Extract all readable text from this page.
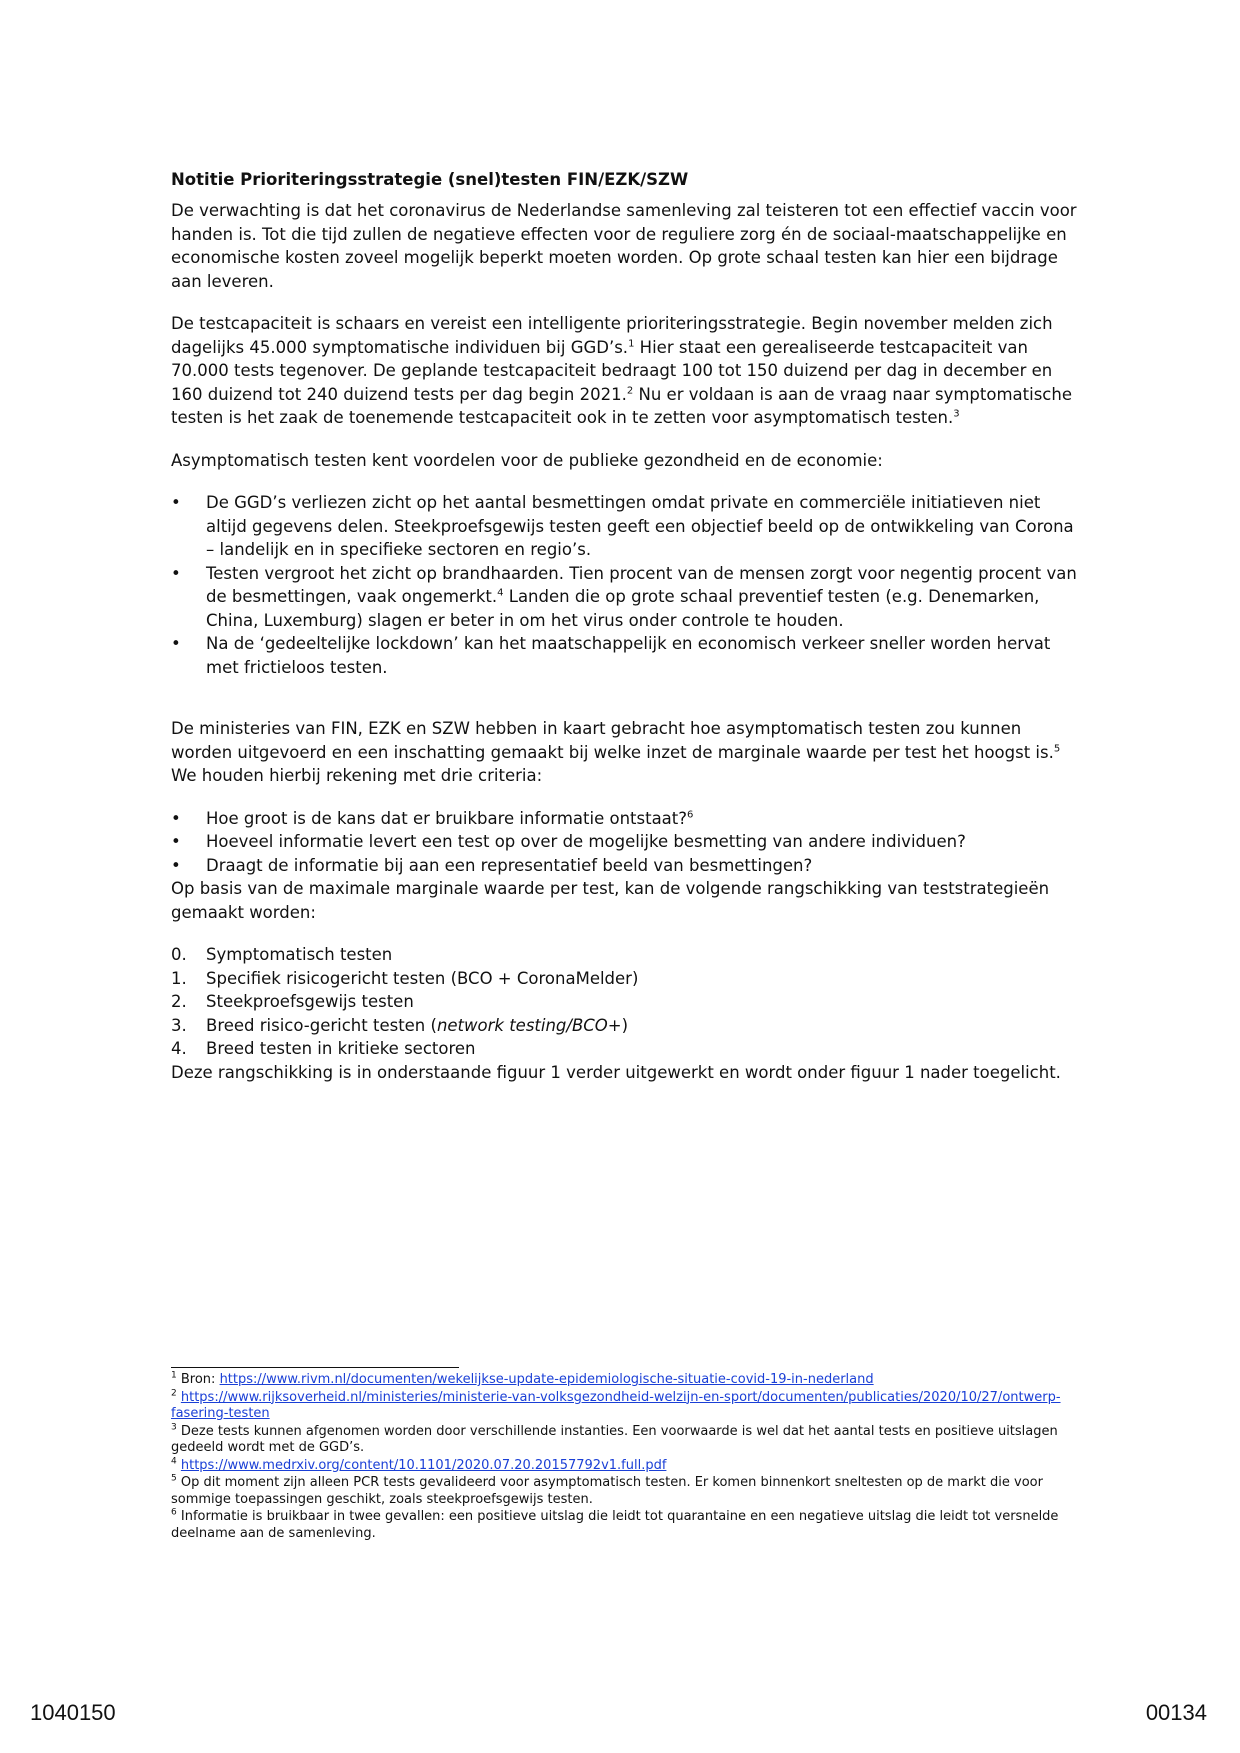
Notitie Prioriteringsstrategie (snel)testen FIN/EZK/SZW

De verwachting is dat het coronavirus de Nederlandse samenleving zal teisteren tot een effectief vaccin voor handen is. Tot die tijd zullen de negatieve effecten voor de reguliere zorg én de sociaal-maatschappelijke en economische kosten zoveel mogelijk beperkt moeten worden. Op grote schaal testen kan hier een bijdrage aan leveren.

De testcapaciteit is schaars en vereist een intelligente prioriteringsstrategie. Begin november melden zich dagelijks 45.000 symptomatische individuen bij GGD’s.$^1$ Hier staat een gerealiseerde testcapaciteit van 70.000 tests tegenover. De geplande testcapaciteit bedraagt 100 tot 150 duizend per dag in december en 160 duizend tot 240 duizend tests per dag begin 2021.$^2$ Nu er voldaan is aan de vraag naar symptomatische testen is het zaak de toenemende testcapaciteit ook in te zetten voor asymptomatisch testen.$^3$

Asymptomatisch testen kent voordelen voor de publieke gezondheid en de economie:

•	De GGD’s verliezen zicht op het aantal besmettingen omdat private en commerciële initiatieven niet altijd gegevens delen. Steekproefsgewijs testen geeft een objectief beeld op de ontwikkeling van Corona – landelijk en in specifieke sectoren en regio’s.
•	Testen vergroot het zicht op brandhaarden. Tien procent van de mensen zorgt voor negentig procent van de besmettingen, vaak ongemerkt.$^4$ Landen die op grote schaal preventief testen (e.g. Denemarken, China, Luxemburg) slagen er beter in om het virus onder controle te houden.
•	Na de ‘gedeeltelijke lockdown’ kan het maatschappelijk en economisch verkeer sneller worden hervat met frictieloos testen.

De ministeries van FIN, EZK en SZW hebben in kaart gebracht hoe asymptomatisch testen zou kunnen worden uitgevoerd en een inschatting gemaakt bij welke inzet de marginale waarde per test het hoogst is.$^5$ We houden hierbij rekening met drie criteria:

•	Hoe groot is de kans dat er bruikbare informatie ontstaat?$^6$
•	Hoeveel informatie levert een test op over de mogelijke besmetting van andere individuen?
•	Draagt de informatie bij aan een representatief beeld van besmettingen?

Op basis van de maximale marginale waarde per test, kan de volgende rangschikking van teststrategieën gemaakt worden:

0.	Symptomatisch testen
1.	Specifiek risicogericht testen (BCO + CoronaMelder)
2.	Steekproefsgewijs testen
3.	Breed risico-gericht testen (network testing/BCO+)
4.	Breed testen in kritieke sectoren

Deze rangschikking is in onderstaande figuur 1 verder uitgewerkt en wordt onder figuur 1 nader toegelicht.

$^1$ Bron: https://www.rivm.nl/documenten/wekelijkse-update-epidemiologische-situatie-covid-19-in-nederland
$^2$ https://www.rijksoverheid.nl/ministeries/ministerie-van-volksgezondheid-welzijn-en-sport/documenten/publicaties/2020/10/27/ontwerp-fasering-testen
$^3$ Deze tests kunnen afgenomen worden door verschillende instanties. Een voorwaarde is wel dat het aantal tests en positieve uitslagen gedeeld wordt met de GGD’s.
$^4$ https://www.medrxiv.org/content/10.1101/2020.07.20.20157792v1.full.pdf
$^5$ Op dit moment zijn alleen PCR tests gevalideerd voor asymptomatisch testen. Er komen binnenkort sneltesten op de markt die voor sommige toepassingen geschikt, zoals steekproefsgewijs testen.
$^6$ Informatie is bruikbaar in twee gevallen: een positieve uitslag die leidt tot quarantaine en een negatieve uitslag die leidt tot versnelde deelname aan de samenleving.
1040150	00134
